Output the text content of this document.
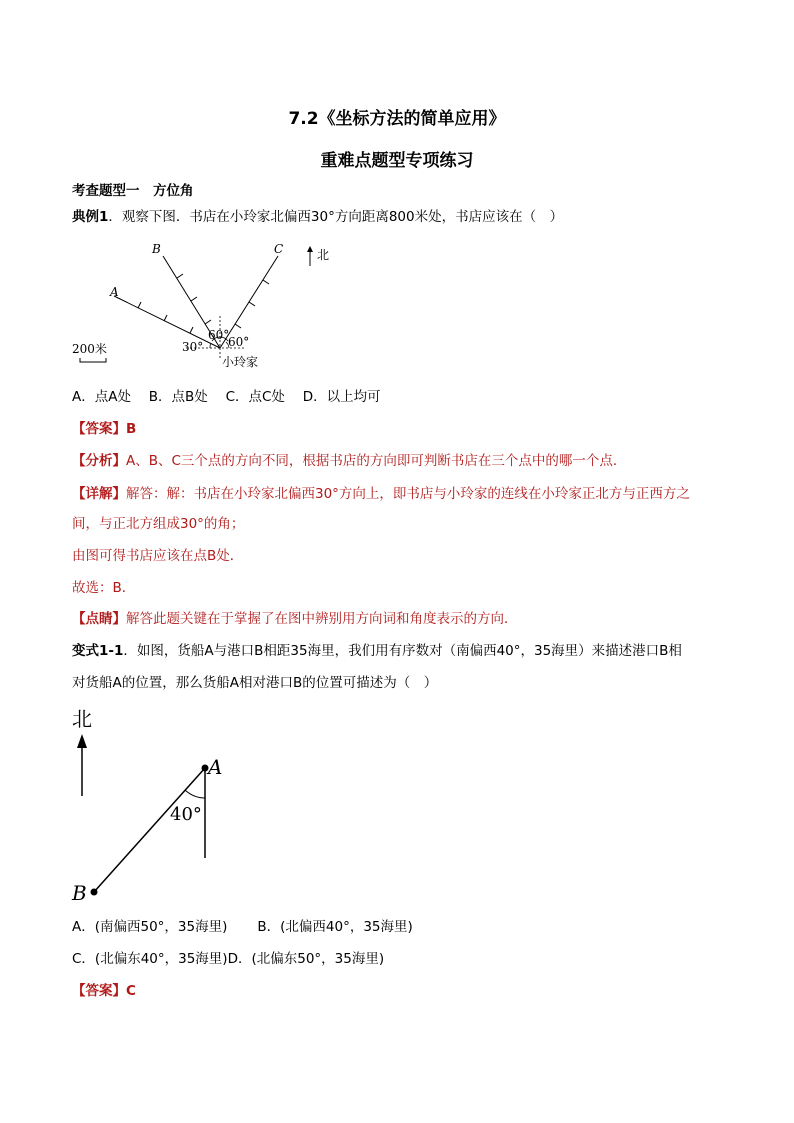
7.2《坐标方法的简单应用》
重难点题型专项练习
考查题型一　方位角
典例1．观察下图．书店在小玲家北偏西30°方向距离800米处，书店应该在（　）
A
B	C
60°
60°
30°
小玲家
北
200米
A．点A处　 B．点B处　 C．点C处　 D．以上均可
【答案】B
【分析】A、B、C三个点的方向不同，根据书店的方向即可判断书店在三个点中的哪一个点．
【详解】解答：解：书店在小玲家北偏西30°方向上，即书店与小玲家的连线在小玲家正北方与正西方之
间，与正北方组成30°的角；
由图可得书店应该在点B处．
故选：B．
【点睛】解答此题关键在于掌握了在图中辨别用方向词和角度表示的方向．
变式1-1．如图，货船A与港口B相距35海里，我们用有序数对（南偏西40°，35海里）来描述港口B相
对货船A的位置，那么货船A相对港口B的位置可描述为（　）
北
A
B
40°
A．(南偏西50°，35海里) B．(北偏西40°，35海里)
C．(北偏东40°，35海里)D．(北偏东50°，35海里)
【答案】C
